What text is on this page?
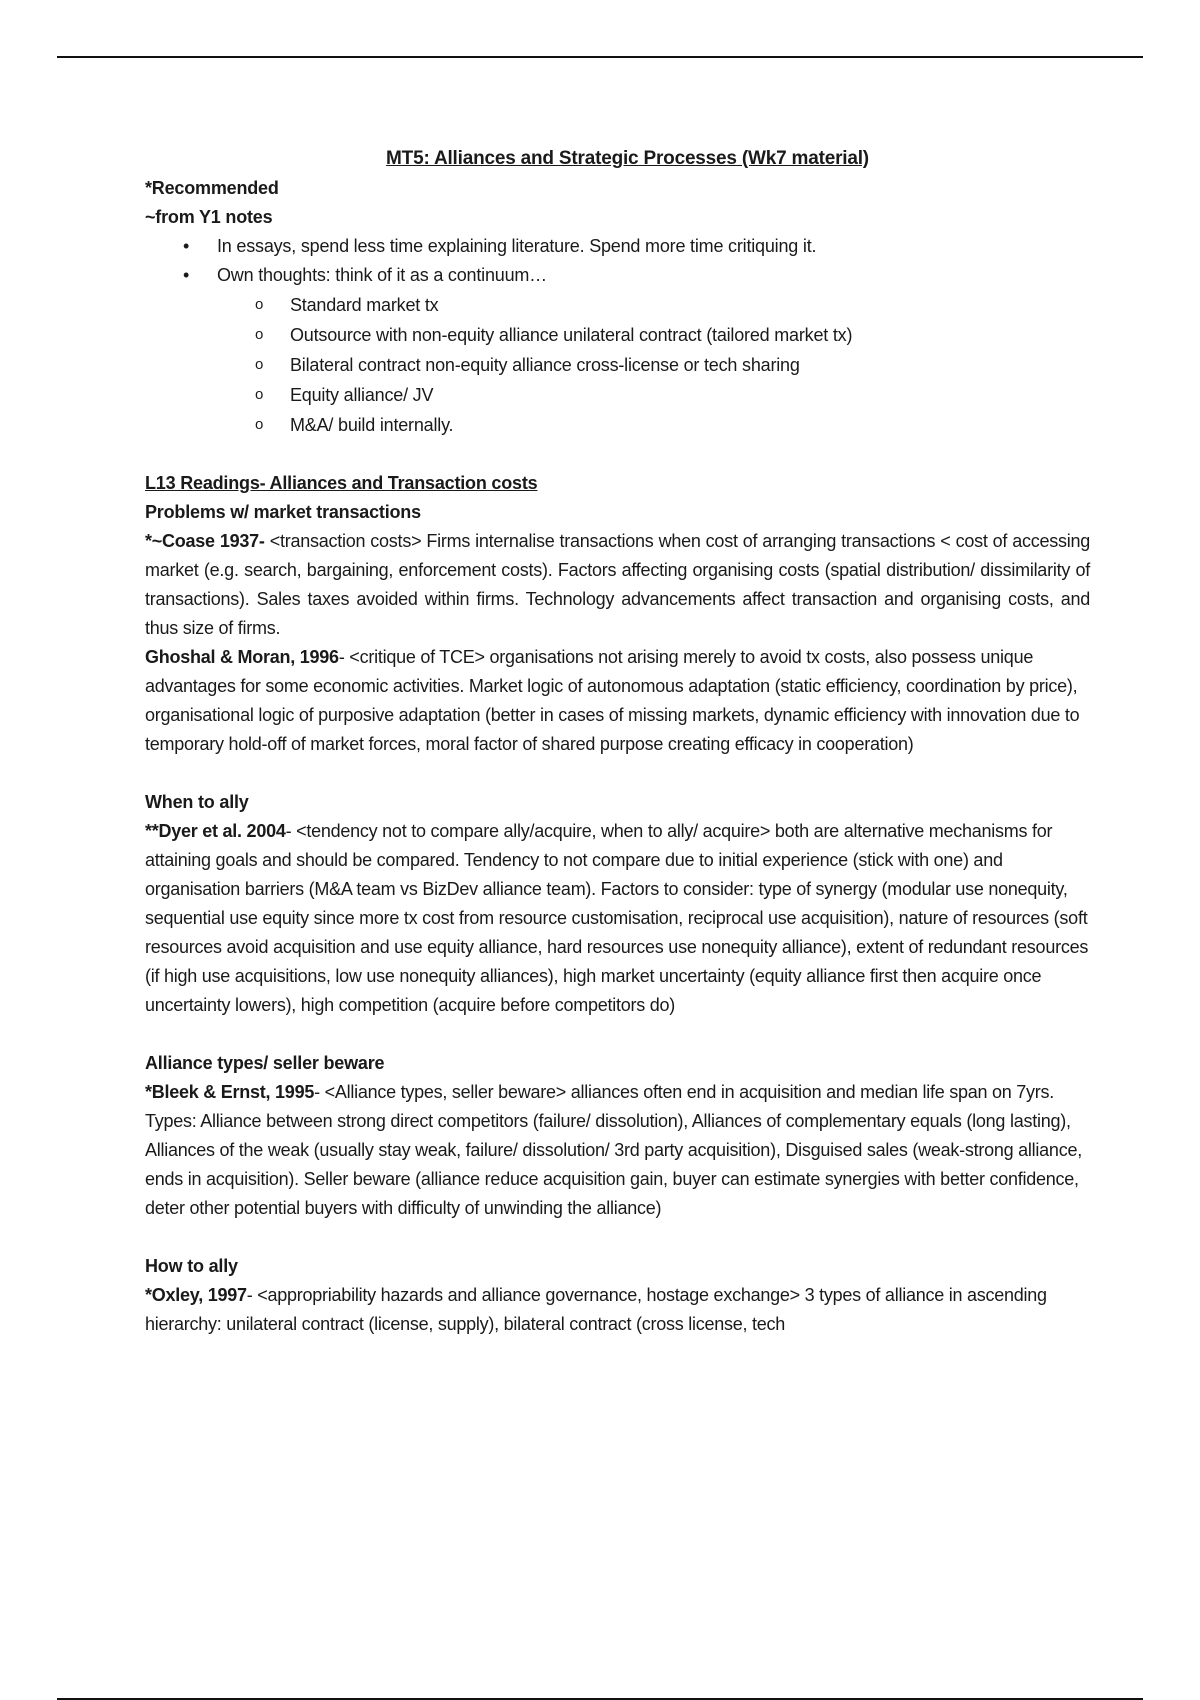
MT5: Alliances and Strategic Processes (Wk7 material)

*Recommended

~from Y1 notes

• In essays, spend less time explaining literature. Spend more time critiquing it.
• Own thoughts: think of it as a continuum…
o Standard market tx
o Outsource with non-equity alliance unilateral contract (tailored market tx)
o Bilateral contract non-equity alliance cross-license or tech sharing
o Equity alliance/ JV
o M&A/ build internally.

L13 Readings- Alliances and Transaction costs

Problems w/ market transactions

*~Coase 1937- <transaction costs> Firms internalise transactions when cost of arranging transactions < cost of accessing market (e.g. search, bargaining, enforcement costs). Factors affecting organising costs (spatial distribution/ dissimilarity of transactions). Sales taxes avoided within firms. Technology advancements affect transaction and organising costs, and thus size of firms.

Ghoshal & Moran, 1996- <critique of TCE> organisations not arising merely to avoid tx costs, also possess unique advantages for some economic activities. Market logic of autonomous adaptation (static efficiency, coordination by price), organisational logic of purposive adaptation (better in cases of missing markets, dynamic efficiency with innovation due to temporary hold-off of market forces, moral factor of shared purpose creating efficacy in cooperation)

When to ally

**Dyer et al. 2004- <tendency not to compare ally/acquire, when to ally/ acquire> both are alternative mechanisms for attaining goals and should be compared. Tendency to not compare due to initial experience (stick with one) and organisation barriers (M&A team vs BizDev alliance team). Factors to consider: type of synergy (modular use nonequity, sequential use equity since more tx cost from resource customisation, reciprocal use acquisition), nature of resources (soft resources avoid acquisition and use equity alliance, hard resources use nonequity alliance), extent of redundant resources (if high use acquisitions, low use nonequity alliances), high market uncertainty (equity alliance first then acquire once uncertainty lowers), high competition (acquire before competitors do)

Alliance types/ seller beware

*Bleek & Ernst, 1995- <Alliance types, seller beware> alliances often end in acquisition and median life span on 7yrs. Types: Alliance between strong direct competitors (failure/ dissolution), Alliances of complementary equals (long lasting), Alliances of the weak (usually stay weak, failure/ dissolution/ 3rd party acquisition), Disguised sales (weak-strong alliance, ends in acquisition). Seller beware (alliance reduce acquisition gain, buyer can estimate synergies with better confidence, deter other potential buyers with difficulty of unwinding the alliance)

How to ally

*Oxley, 1997- <appropriability hazards and alliance governance, hostage exchange> 3 types of alliance in ascending hierarchy: unilateral contract (license, supply), bilateral contract (cross license, tech
